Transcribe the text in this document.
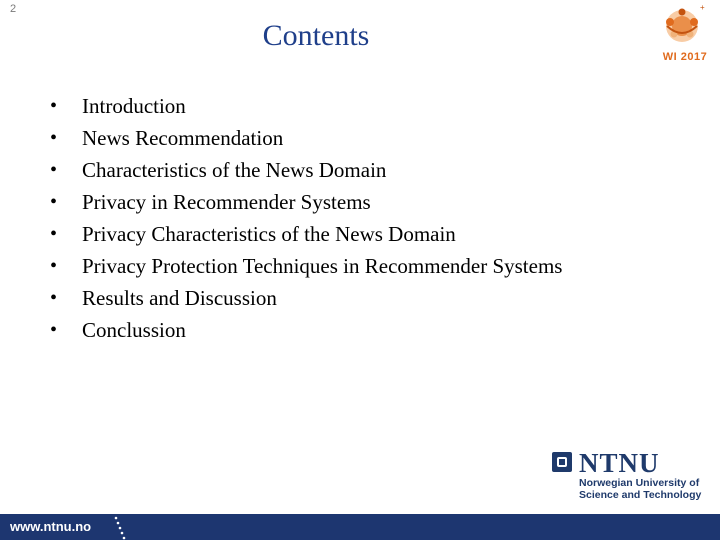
2
Contents
+
WI 2017
•	Introduction
•	News Recommendation
•	Characteristics of the News Domain
•	Privacy in Recommender Systems
•	Privacy Characteristics of the News Domain
•	Privacy Protection Techniques in Recommender Systems
•	Results and Discussion
•	Conclussion
NTNU
Norwegian University of
Science and Technology
www.ntnu.no
